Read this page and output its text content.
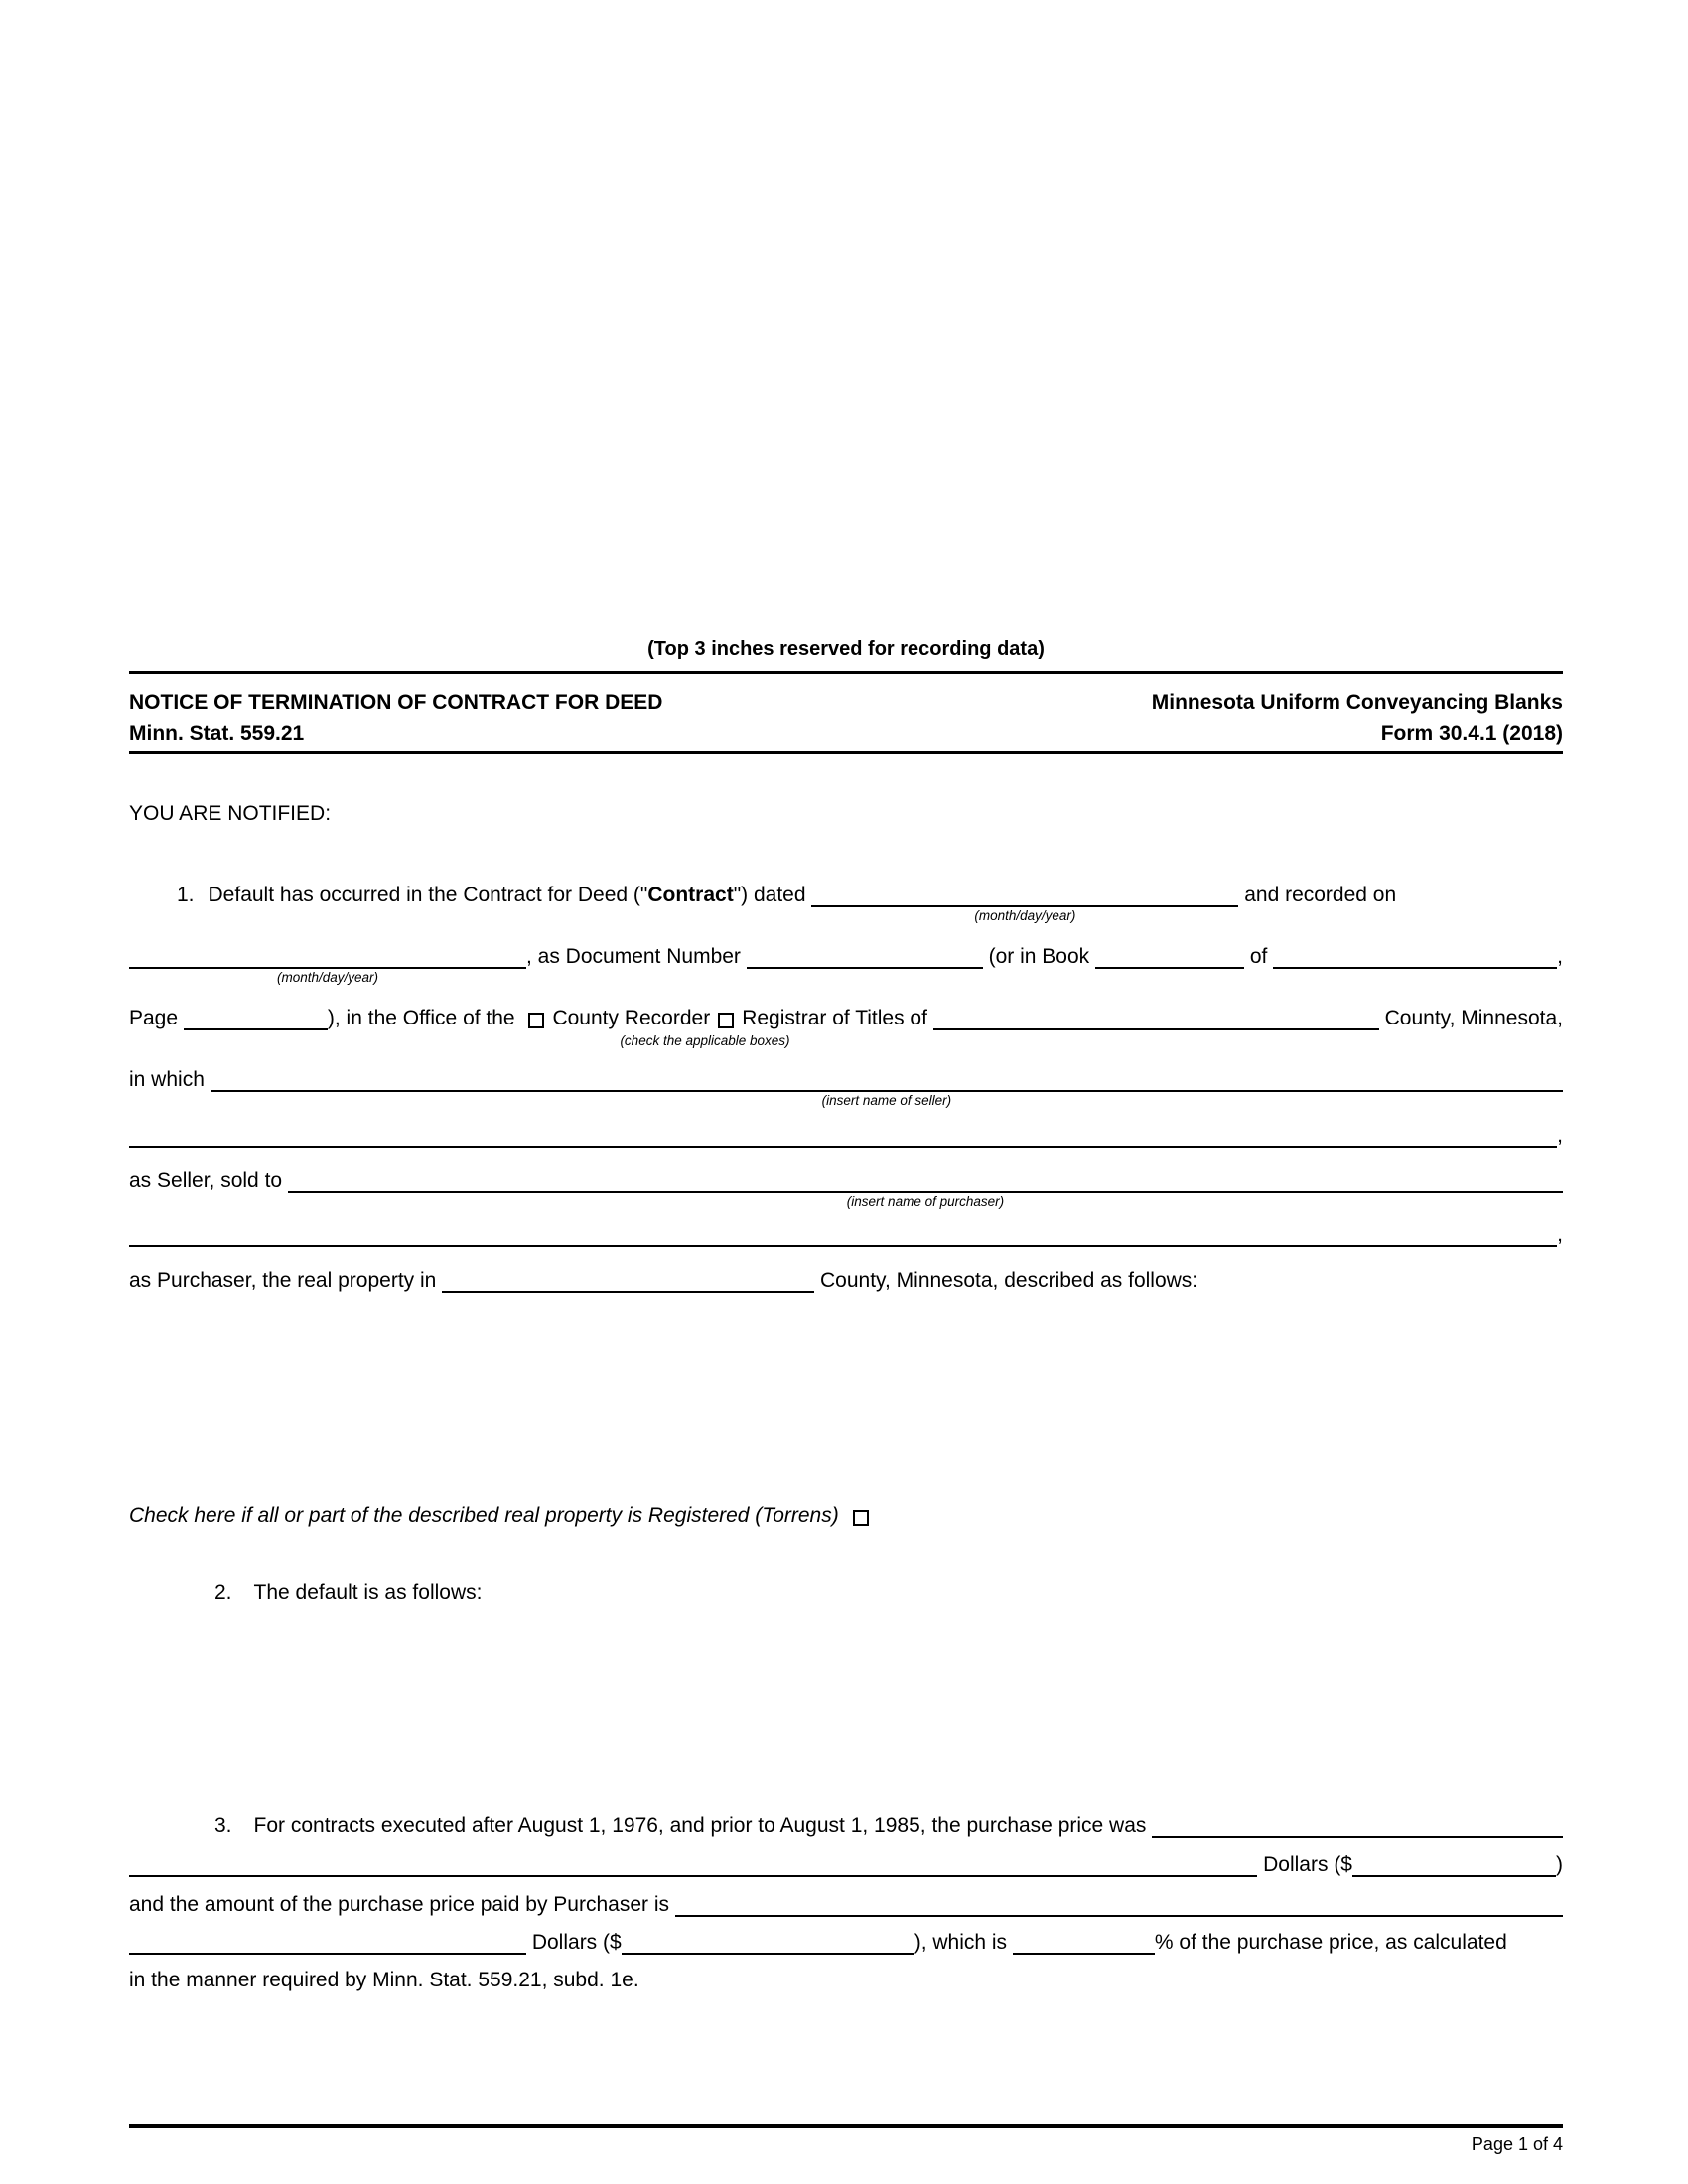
(Top 3 inches reserved for recording data)
NOTICE OF TERMINATION OF CONTRACT FOR DEED
Minn. Stat. 559.21
Minnesota Uniform Conveyancing Blanks
Form 30.4.1 (2018)
YOU ARE NOTIFIED:
1. Default has occurred in the Contract for Deed (" Contract ") dated

(month/day/year)

and recorded on

(month/day/year)

, as Document Number	(or in Book	of	,
Page	), in the Office of the County Recorder Registrar of Titles of	County, Minnesota,
(check the applicable boxes)
in which

(insert name of seller)

,
as Seller, sold to

(insert name of purchaser)

,
as Purchaser, the real property in	County, Minnesota, described as follows:
Check here if all or part of the described real property is Registered (Torrens)
2. The default is as follows:
3. For contracts executed after August 1, 1976, and prior to August 1, 1985, the purchase price was
Dollars ($	)
and the amount of the purchase price paid by Purchaser is
Dollars ($	), which is	% of the purchase price, as calculated
in the manner required by Minn. Stat. 559.21, subd. 1e.
Page 1 of 4
